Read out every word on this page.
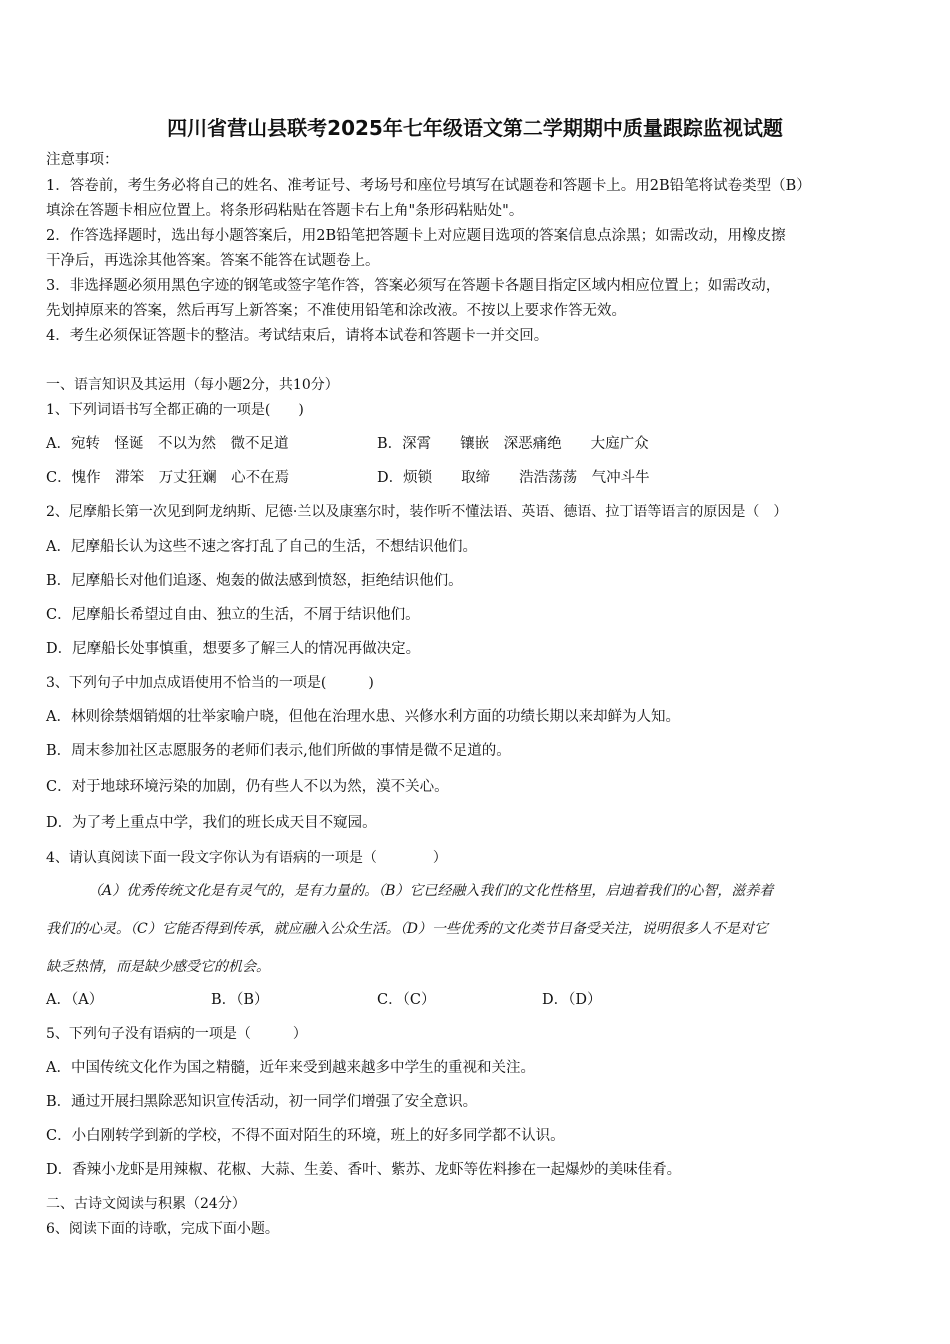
四川省营山县联考2025年七年级语文第二学期期中质量跟踪监视试题
注意事项：
1．答卷前，考生务必将自己的姓名、准考证号、考场号和座位号填写在试题卷和答题卡上。用2B铅笔将试卷类型（B）
填涂在答题卡相应位置上。将条形码粘贴在答题卡右上角"条形码粘贴处"。
2．作答选择题时，选出每小题答案后，用2B铅笔把答题卡上对应题目选项的答案信息点涂黑；如需改动，用橡皮擦
干净后，再选涂其他答案。答案不能答在试题卷上。
3．非选择题必须用黑色字迹的钢笔或签字笔作答，答案必须写在答题卡各题目指定区域内相应位置上；如需改动，
先划掉原来的答案，然后再写上新答案；不准使用铅笔和涂改液。不按以上要求作答无效。
4．考生必须保证答题卡的整洁。考试结束后，请将本试卷和答题卡一并交回。
一、语言知识及其运用（每小题2分，共10分）
1、下列词语书写全都正确的一项是(　　)
A．宛转　怪诞　不以为然　微不足道	B．深霄　　镶嵌　深恶痛绝　　大庭广众
C．愧作　滞笨　万丈狂斓　心不在焉	D．烦锁　　取缔　　浩浩荡荡　气冲斗牛
2、尼摩船长第一次见到阿龙纳斯、尼德·兰以及康塞尔时，装作听不懂法语、英语、德语、拉丁语等语言的原因是（　）
A．尼摩船长认为这些不速之客打乱了自己的生活，不想结识他们。
B．尼摩船长对他们追逐、炮轰的做法感到愤怒，拒绝结识他们。
C．尼摩船长希望过自由、独立的生活，不屑于结识他们。
D．尼摩船长处事慎重，想要多了解三人的情况再做决定。
3、下列句子中加点成语使用不恰当的一项是(　　　)
A．林则徐禁烟销烟的壮举家喻户晓，但他在治理水患、兴修水利方面的功绩长期以来却鲜为人知。
B．周末参加社区志愿服务的老师们表示,他们所做的事情是微不足道的。
C．对于地球环境污染的加剧，仍有些人不以为然，漠不关心。
D．为了考上重点中学，我们的班长成天目不窥园。
4、请认真阅读下面一段文字你认为有语病的一项是（　　　　）
（A）优秀传统文化是有灵气的，是有力量的。（B）它已经融入我们的文化性格里，启迪着我们的心智，滋养着
我们的心灵。（C）它能否得到传承，就应融入公众生活。（D）一些优秀的文化类节目备受关注，说明很多人不是对它
缺乏热情，而是缺少感受它的机会。
A．（A）	B．（B）	C．（C）	D．（D）
5、下列句子没有语病的一项是（　　　）
A．中国传统文化作为国之精髓，近年来受到越来越多中学生的重视和关注。
B．通过开展扫黑除恶知识宣传活动，初一同学们增强了安全意识。
C．小白刚转学到新的学校，不得不面对陌生的环境，班上的好多同学都不认识。
D．香辣小龙虾是用辣椒、花椒、大蒜、生姜、香叶、紫苏、龙虾等佐料掺在一起爆炒的美味佳肴。
二、古诗文阅读与积累（24分）
6、阅读下面的诗歌，完成下面小题。
